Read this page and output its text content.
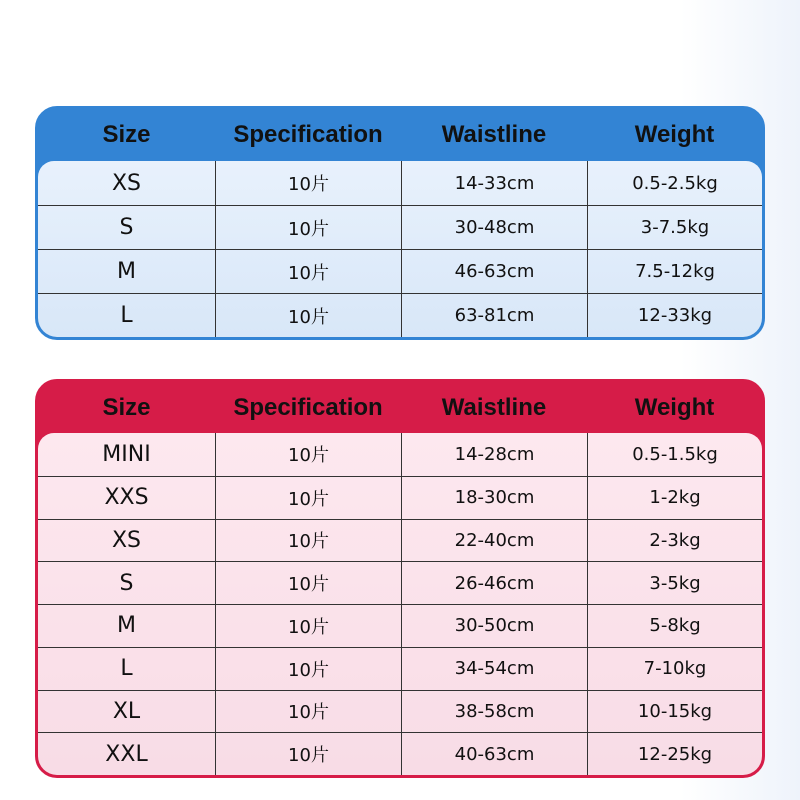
Size	Specification	Waistline	Weight
XS	10片	14-33cm	0.5-2.5kg
S	10片	30-48cm	3-7.5kg
M	10片	46-63cm	7.5-12kg
L	10片	63-81cm	12-33kg
Size	Specification	Waistline	Weight
MINI	10片	14-28cm	0.5-1.5kg
XXS	10片	18-30cm	1-2kg
XS	10片	22-40cm	2-3kg
S	10片	26-46cm	3-5kg
M	10片	30-50cm	5-8kg
L	10片	34-54cm	7-10kg
XL	10片	38-58cm	10-15kg
XXL	10片	40-63cm	12-25kg
